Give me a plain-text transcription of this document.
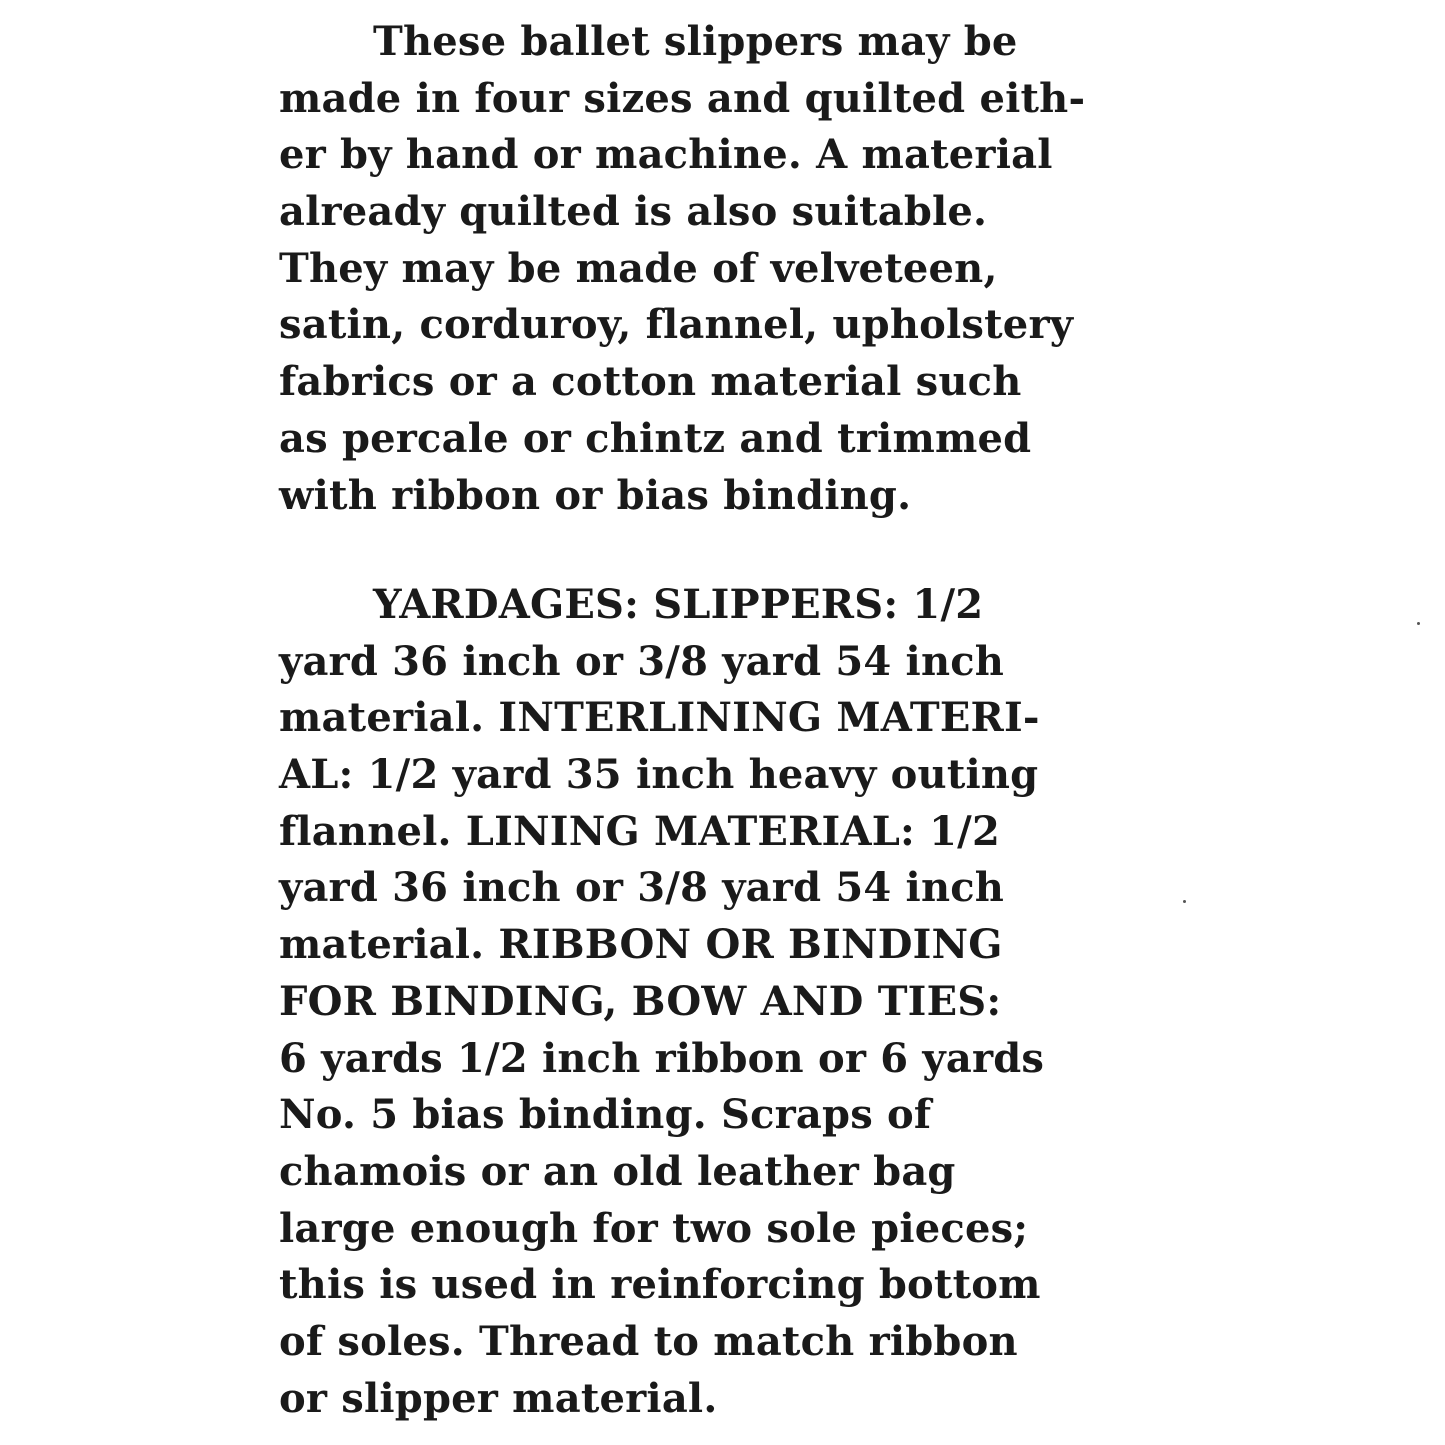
These ballet slippers may be
made in four sizes and quilted eith-
er by hand or machine. A material
already quilted is also suitable.
They may be made of velveteen,
satin, corduroy, flannel, upholstery
fabrics or a cotton material such
as percale or chintz and trimmed
with ribbon or bias binding.
YARDAGES: SLIPPERS: 1/2
yard 36 inch or 3/8 yard 54 inch
material. INTERLINING MATERI-
AL: 1/2 yard 35 inch heavy outing
flannel. LINING MATERIAL: 1/2
yard 36 inch or 3/8 yard 54 inch
material. RIBBON OR BINDING
FOR BINDING, BOW AND TIES:
6 yards 1/2 inch ribbon or 6 yards
No. 5 bias binding. Scraps of
chamois or an old leather bag
large enough for two sole pieces;
this is used in reinforcing bottom
of soles. Thread to match ribbon
or slipper material.
